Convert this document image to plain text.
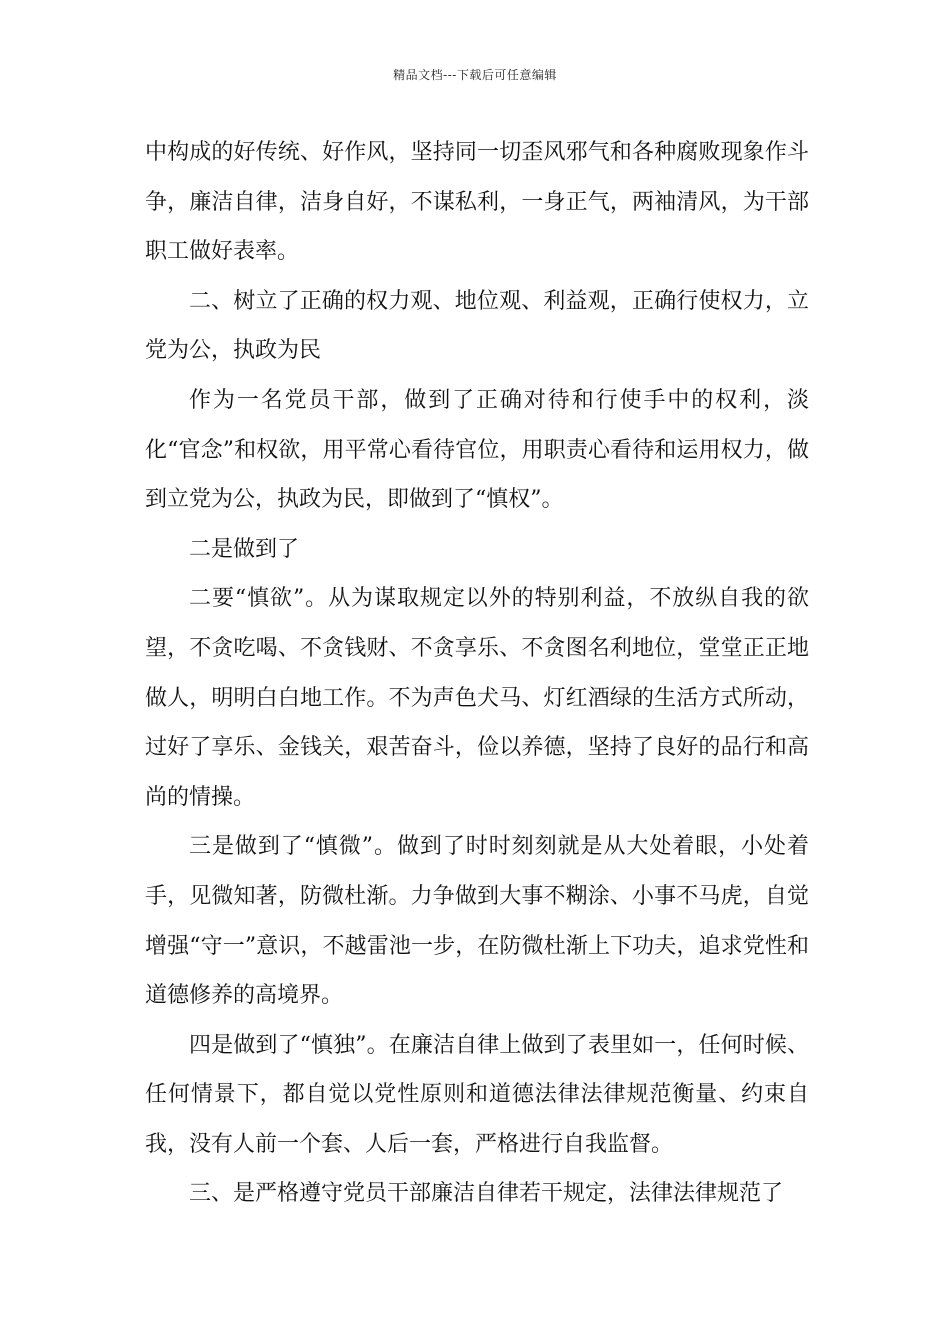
精品文档---下载后可任意编辑

中构成的好传统、好作风，坚持同一切歪风邪气和各种腐败现象作斗争，廉洁自律，洁身自好，不谋私利，一身正气，两袖清风，为干部职工做好表率。

二、树立了正确的权力观、地位观、利益观，正确行使权力，立党为公，执政为民

作为一名党员干部，做到了正确对待和行使手中的权利，淡化“官念”和权欲，用平常心看待官位，用职责心看待和运用权力，做到立党为公，执政为民，即做到了“慎权”。

二是做到了

二要“慎欲”。从为谋取规定以外的特别利益，不放纵自我的欲望，不贪吃喝、不贪钱财、不贪享乐、不贪图名利地位，堂堂正正地做人，明明白白地工作。不为声色犬马、灯红酒绿的生活方式所动，过好了享乐、金钱关，艰苦奋斗，俭以养德，坚持了良好的品行和高尚的情操。

三是做到了“慎微”。做到了时时刻刻就是从大处着眼，小处着手，见微知著，防微杜渐。力争做到大事不糊涂、小事不马虎，自觉增强“守一”意识，不越雷池一步，在防微杜渐上下功夫，追求党性和道德修养的高境界。

四是做到了“慎独”。在廉洁自律上做到了表里如一，任何时候、任何情景下，都自觉以党性原则和道德法律法律规范衡量、约束自我，没有人前一个套、人后一套，严格进行自我监督。

三、是严格遵守党员干部廉洁自律若干规定，法律法律规范了
